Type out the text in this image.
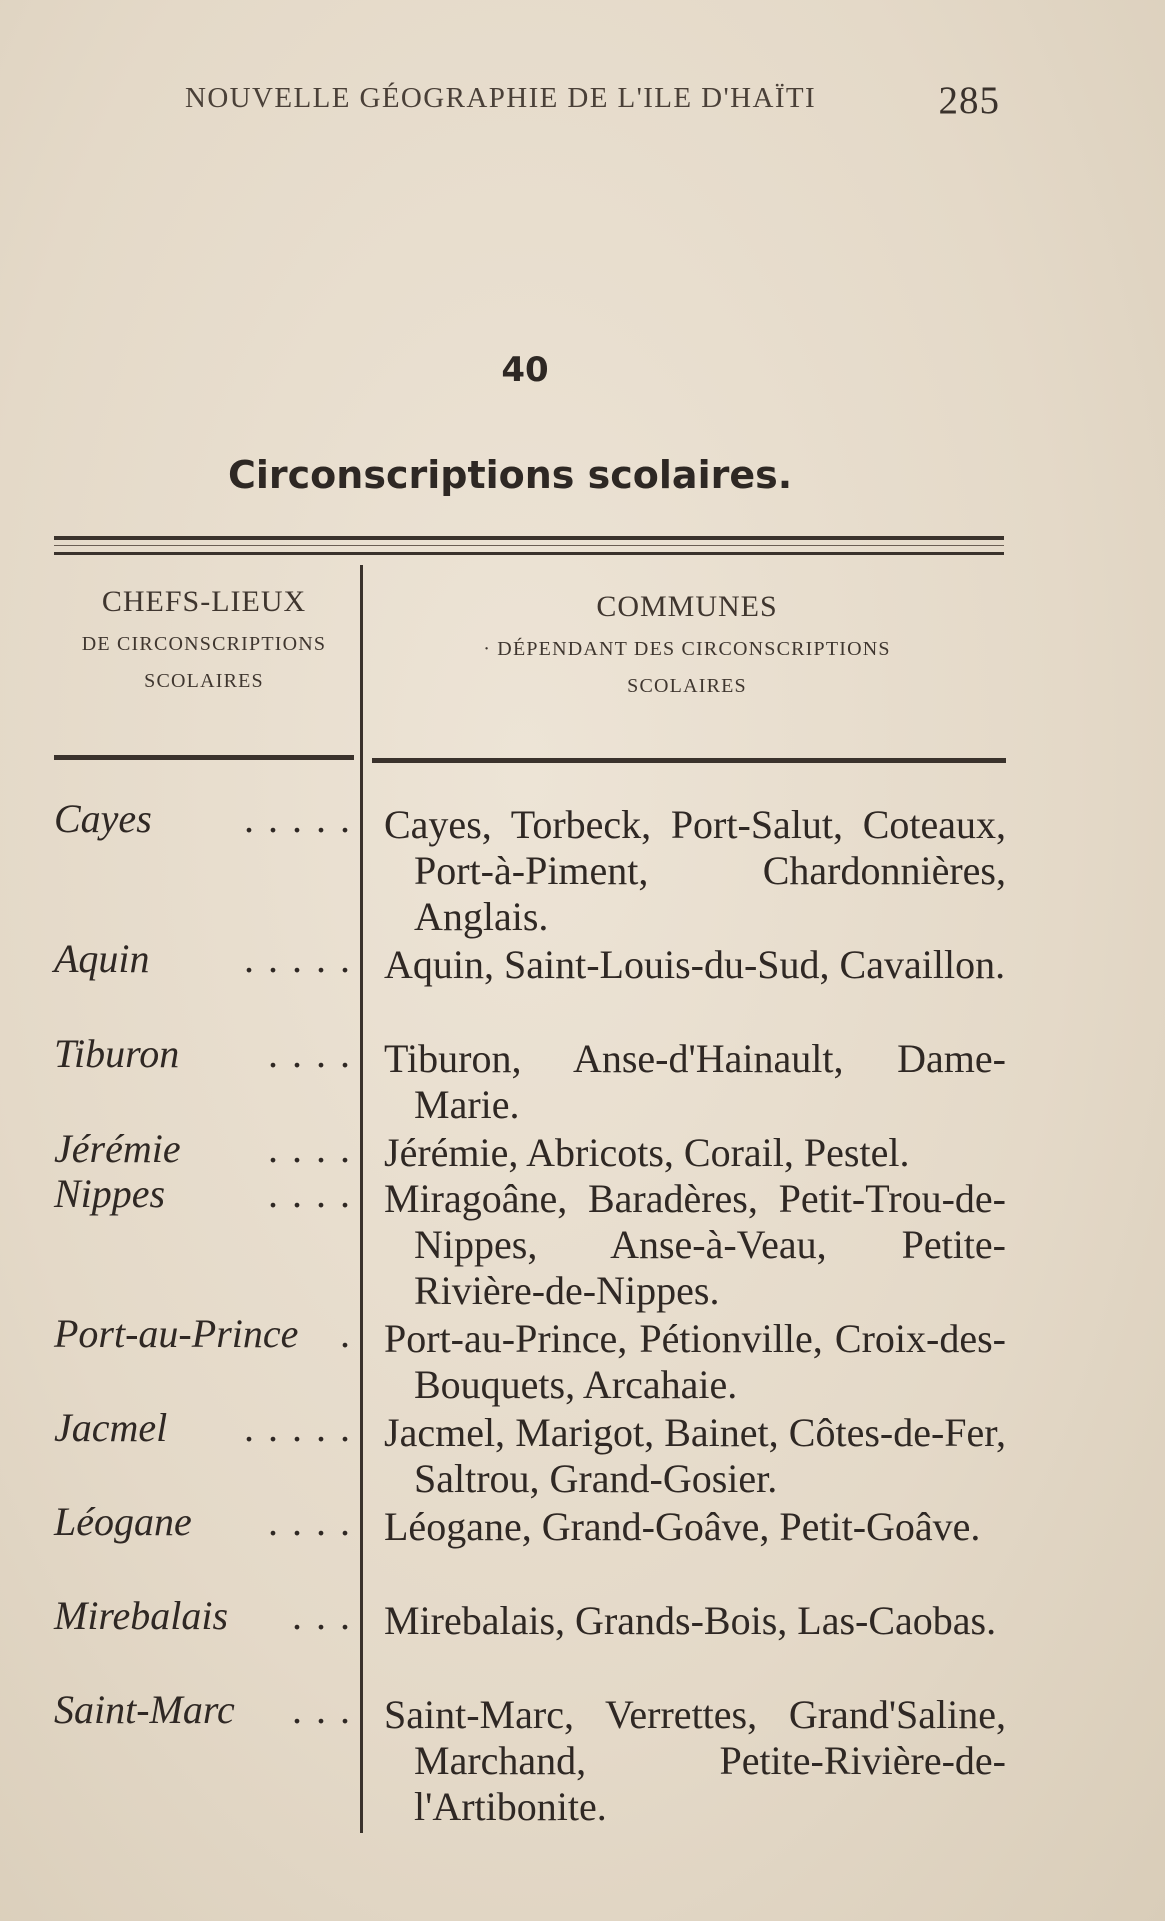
NOUVELLE GÉOGRAPHIE DE L'ILE D'HAÏTI	285
40
Circonscriptions scolaires.
CHEFS-LIEUX
DE CIRCONSCRIPTIONS
SCOLAIRES
COMMUNES
· DÉPENDANT DES CIRCONSCRIPTIONS
SCOLAIRES
Cayes ..... Cayes, Torbeck, Port-Salut, Coteaux, Port-à-Piment, Chardonnières, Anglais.
Aquin ..... Aquin, Saint-Louis-du-Sud, Cavaillon.
Tiburon .... Tiburon, Anse-d'Hainault, Dame-Marie.
Jérémie .... Jérémie, Abricots, Corail, Pestel.
Nippes	.... Miragoâne, Baradères, Petit-Trou-de-Nippes, Anse-à-Veau, Petite-Rivière-de-Nippes.
Port-au-Prince . Port-au-Prince, Pétionville, Croix-des-Bouquets, Arcahaie.
Jacmel ..... Jacmel, Marigot, Bainet, Côtes-de-Fer, Saltrou, Grand-Gosier.
Léogane .... Léogane, Grand-Goâve, Petit-Goâve.
Mirebalais ... Mirebalais, Grands-Bois, Las-Caobas.
Saint-Marc ... Saint-Marc, Verrettes, Grand'Saline, Marchand, Petite-Rivière-de-l'Artibonite.
